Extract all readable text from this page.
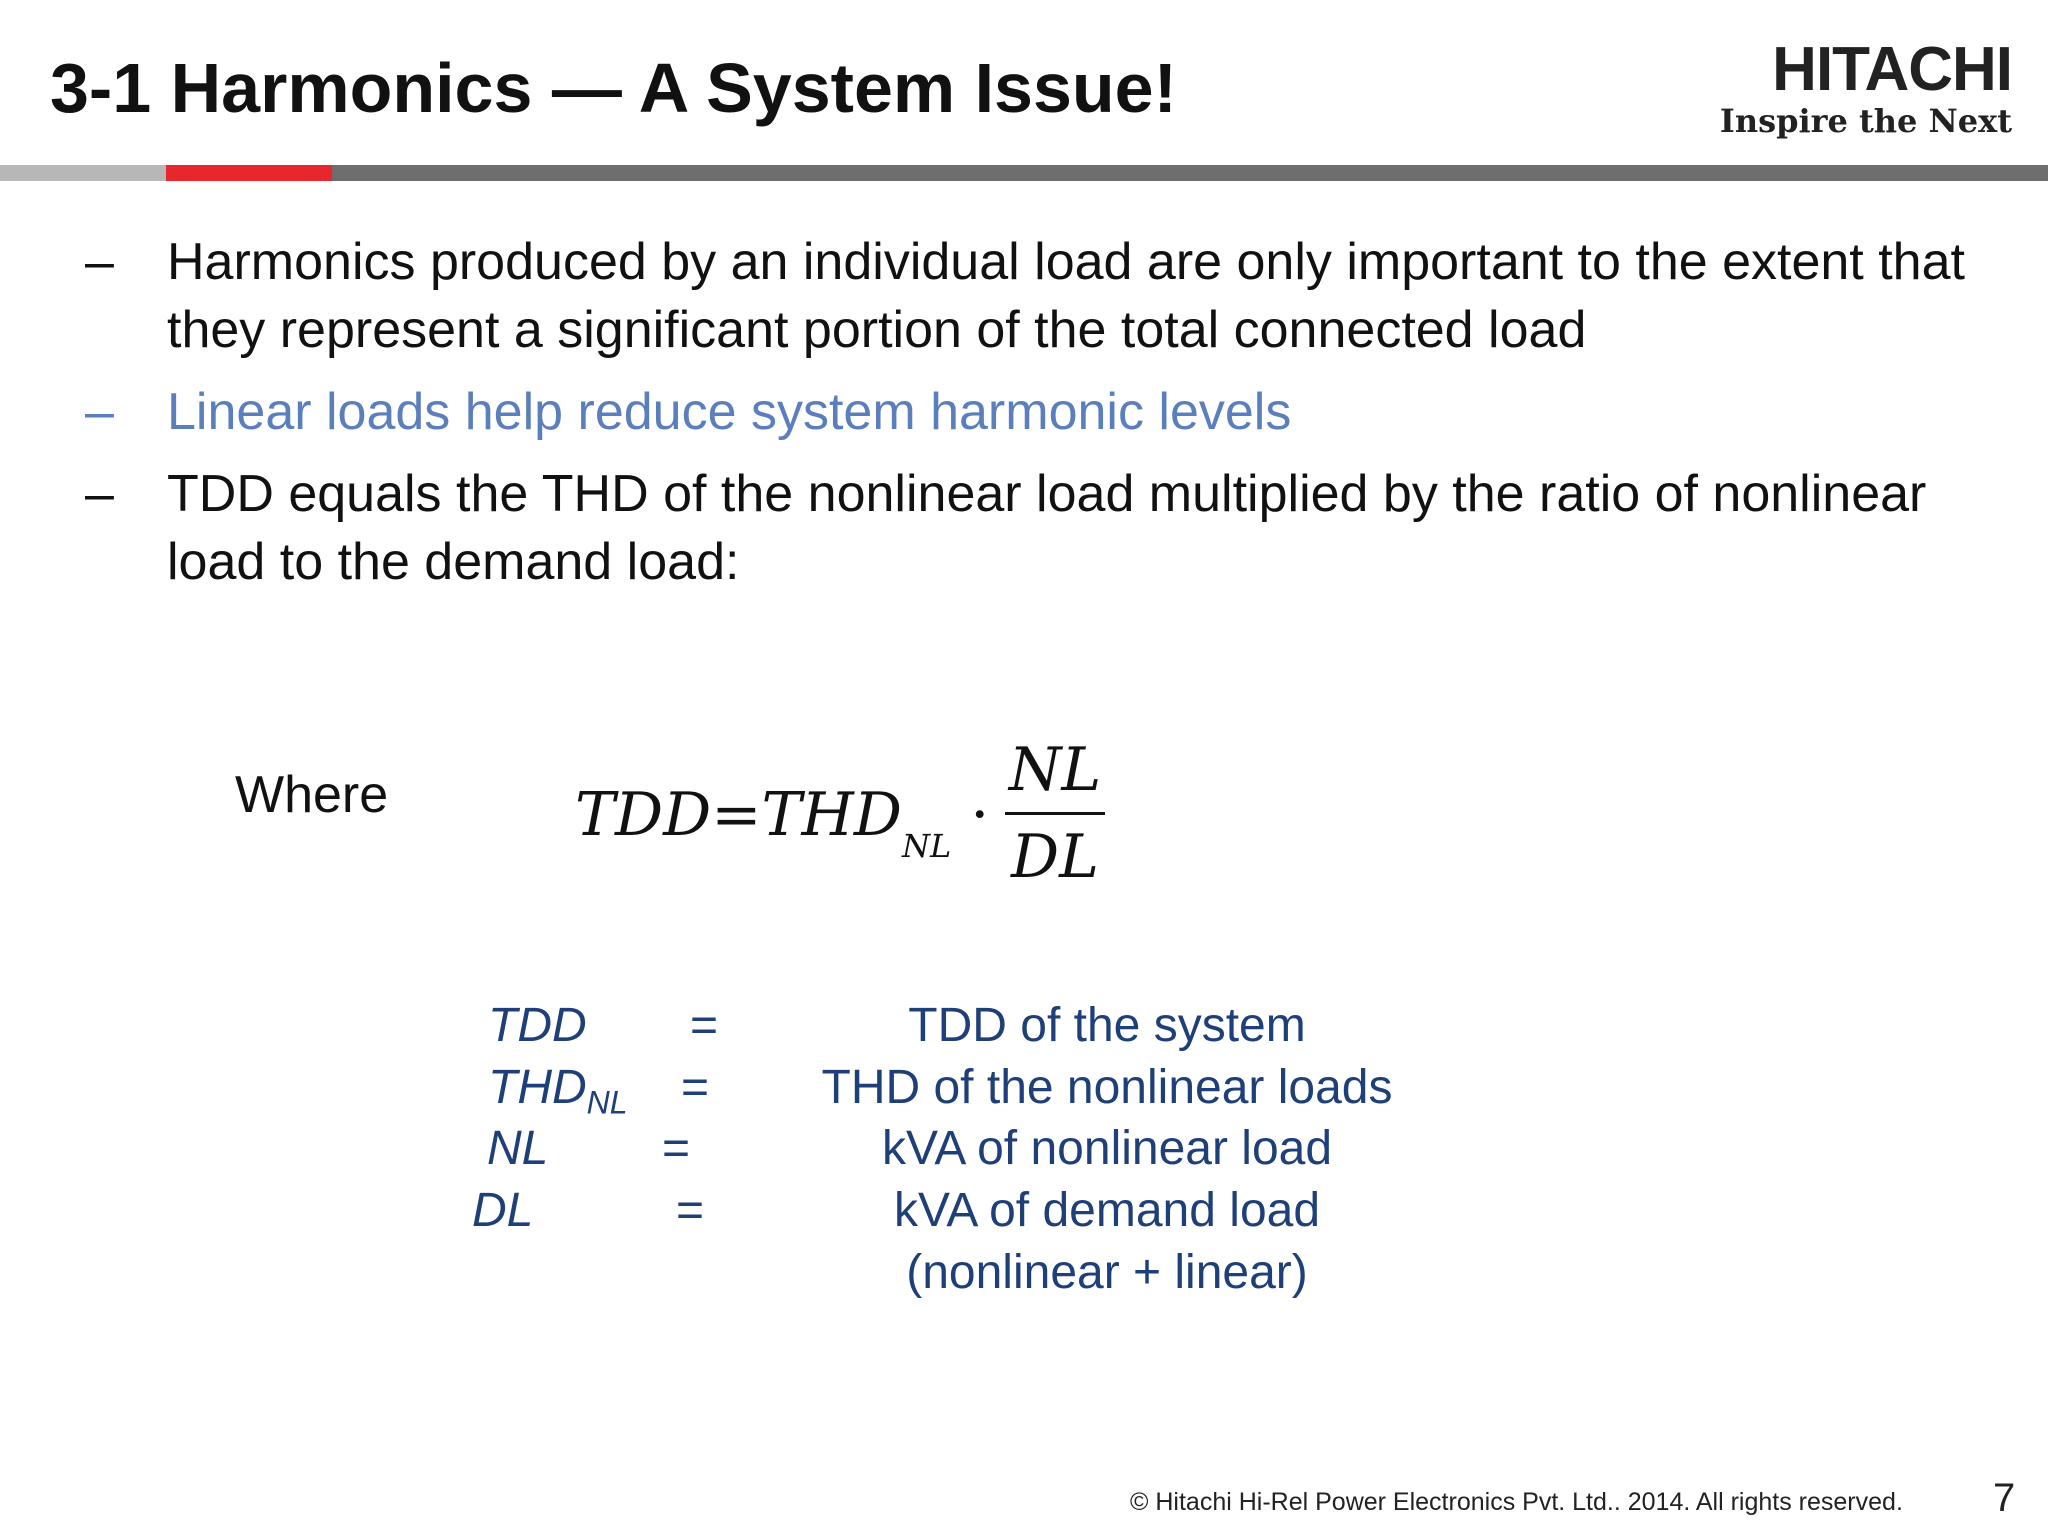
3-1 Harmonics — A System Issue!	HITACHI
Inspire the Next
– Harmonics produced by an individual load are only important to the extent that they represent a significant portion of the total connected load
– Linear loads help reduce system harmonic levels
– TDD equals the THD of the nonlinear load multiplied by the ratio of nonlinear load to the demand load:
Where	$TDD=THD_{NL}$ ·
NL
DL
TDD =	TDD of the system
$THD_{NL}$ =	THD of the nonlinear loads
NL =	kVA of nonlinear load
DL	=	kVA of demand load
(nonlinear + linear)
© Hitachi Hi-Rel Power Electronics Pvt. Ltd.. 2014. All rights reserved. 7
